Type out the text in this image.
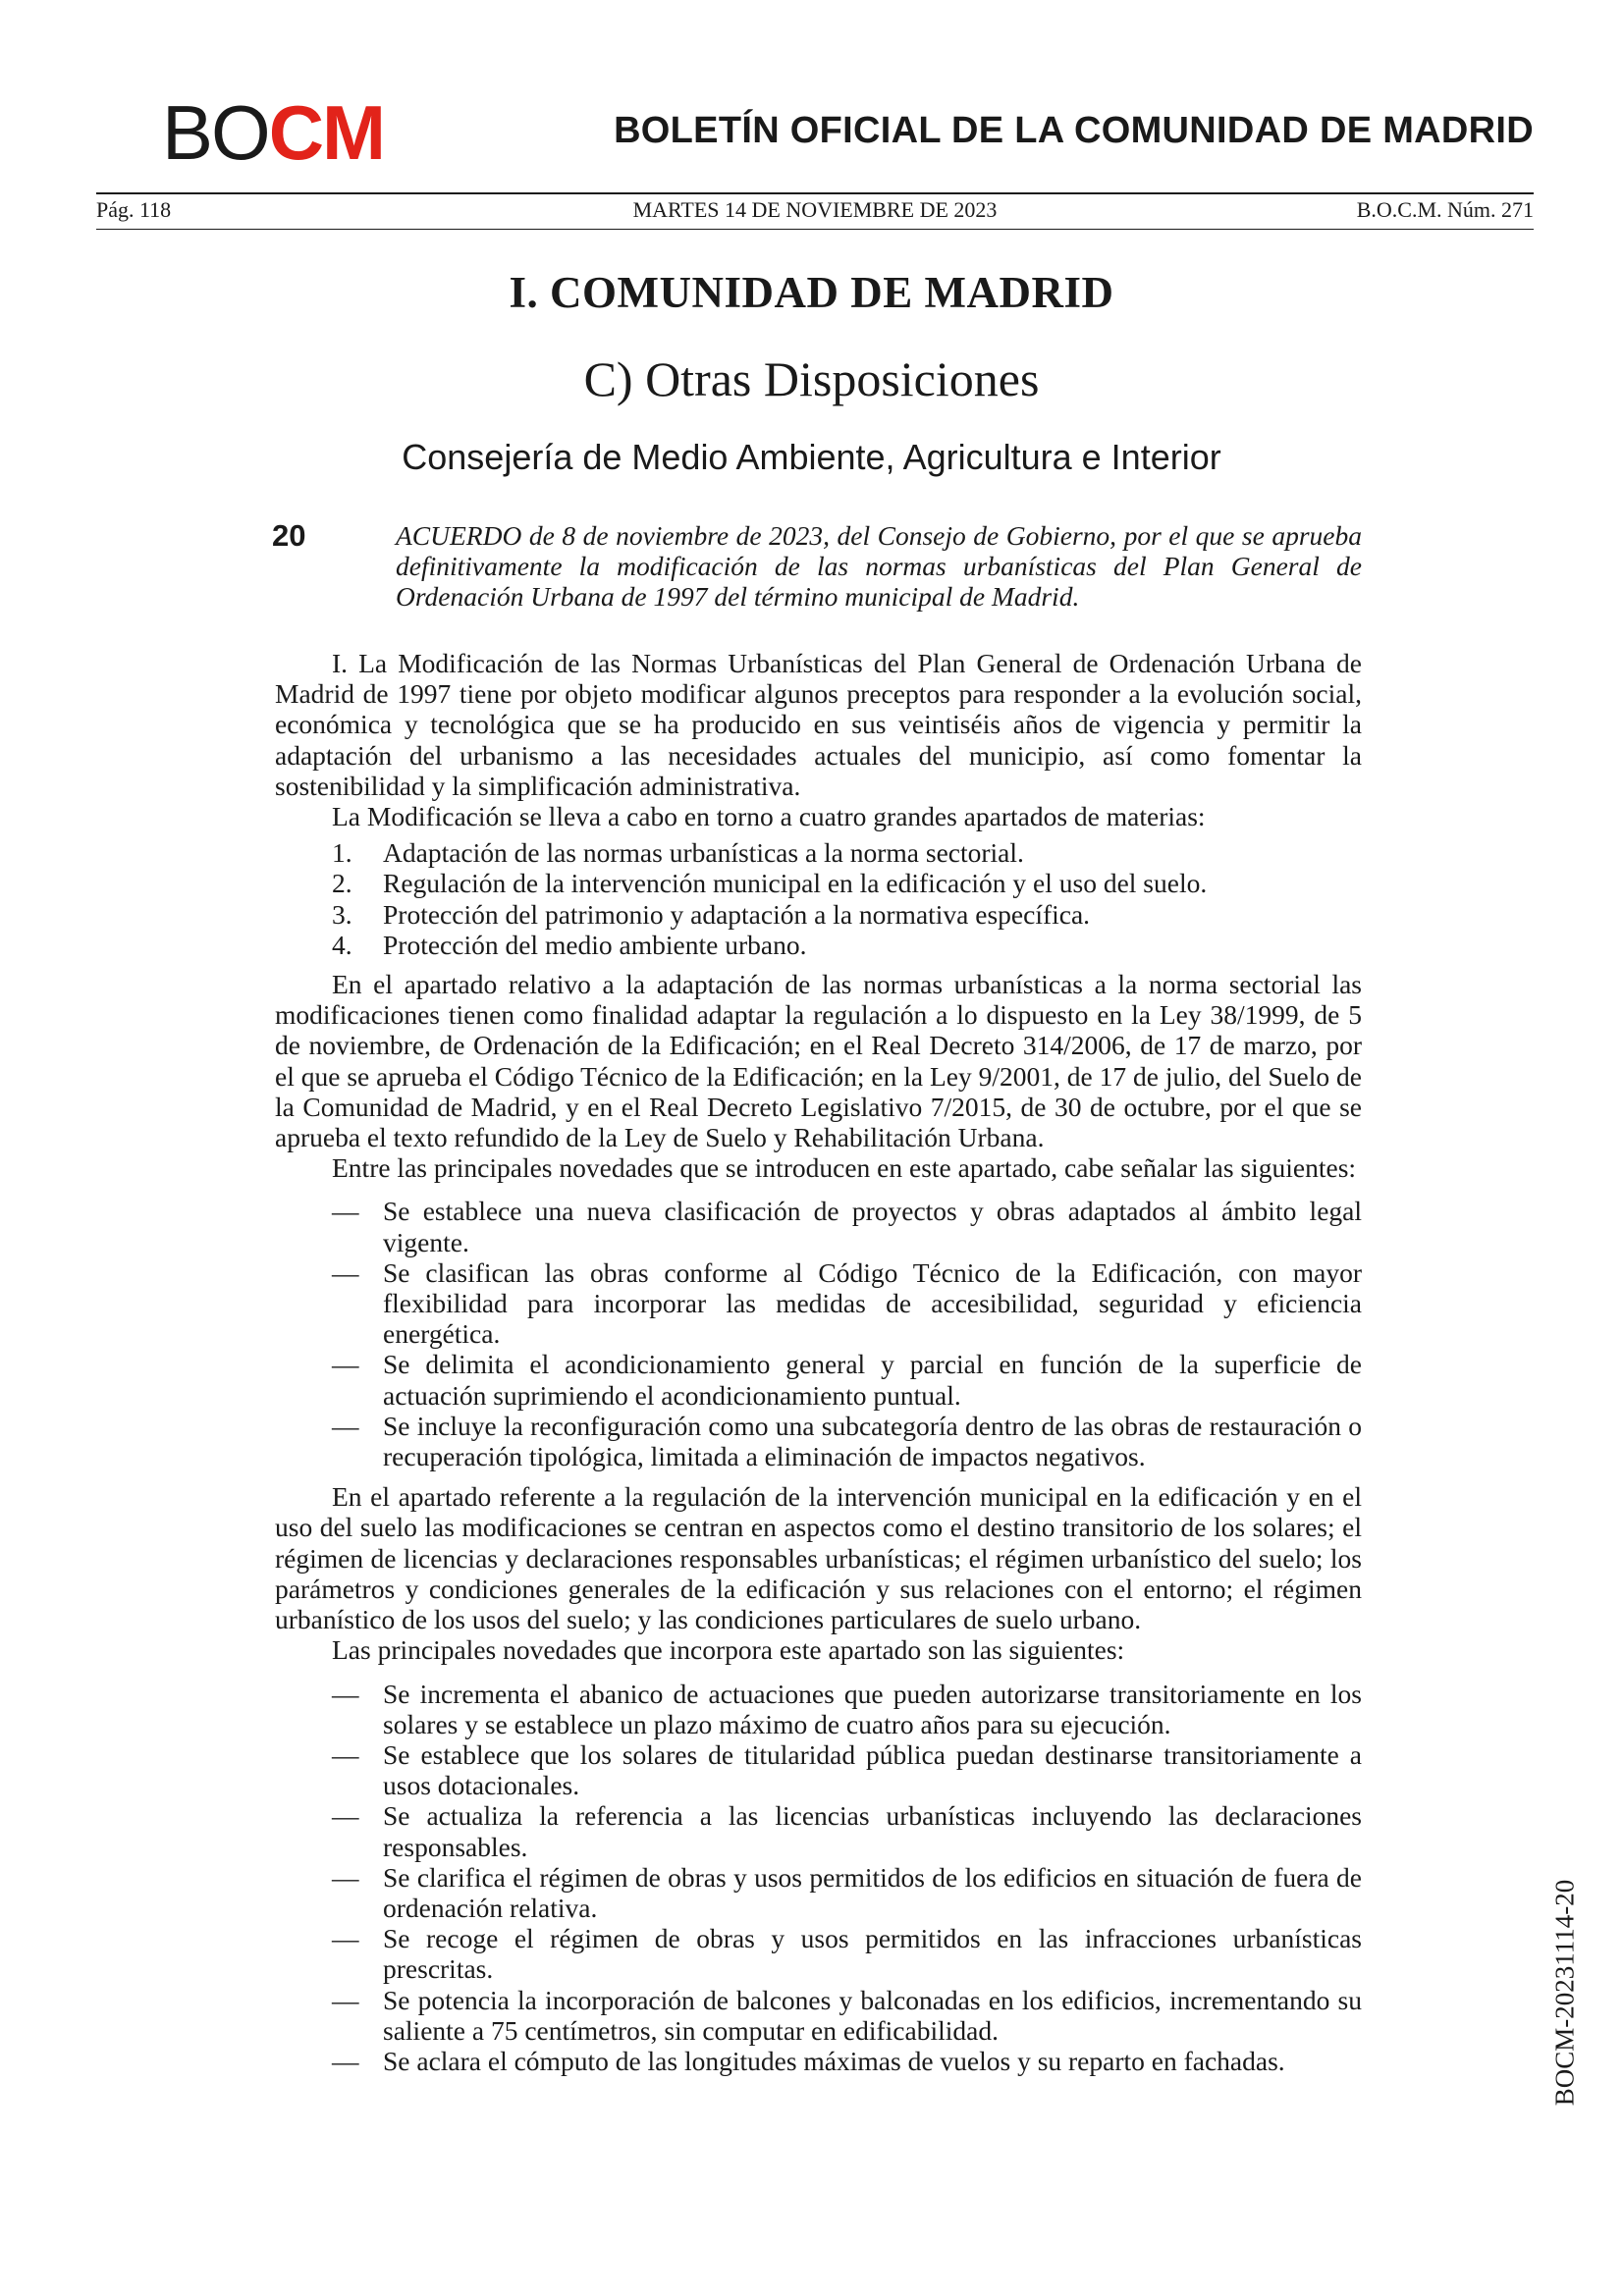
BOCM	BOLETÍN OFICIAL DE LA COMUNIDAD DE MADRID
MARTES 14 DE NOVIEMBRE DE 2023
Pág. 118	B.O.C.M. Núm. 271
I. COMUNIDAD DE MADRID
C) Otras Disposiciones
Consejería de Medio Ambiente, Agricultura e Interior
20	ACUERDO de 8 de noviembre de 2023, del Consejo de Gobierno, por el que se aprueba definitivamente la modificación de las normas urbanísticas del Plan General de Ordenación Urbana de 1997 del término municipal de Madrid.

I. La Modificación de las Normas Urbanísticas del Plan General de Ordenación Urbana de Madrid de 1997 tiene por objeto modificar algunos preceptos para responder a la evolución social, económica y tecnológica que se ha producido en sus veintiséis años de vigencia y permitir la adaptación del urbanismo a las necesidades actuales del municipio, así como fomentar la sostenibilidad y la simplificación administrativa.

La Modificación se lleva a cabo en torno a cuatro grandes apartados de materias:

1. Adaptación de las normas urbanísticas a la norma sectorial.
2. Regulación de la intervención municipal en la edificación y el uso del suelo.
3. Protección del patrimonio y adaptación a la normativa específica.
4. Protección del medio ambiente urbano.

En el apartado relativo a la adaptación de las normas urbanísticas a la norma sectorial las modificaciones tienen como finalidad adaptar la regulación a lo dispuesto en la Ley 38/1999, de 5 de noviembre, de Ordenación de la Edificación; en el Real Decreto 314/2006, de 17 de marzo, por el que se aprueba el Código Técnico de la Edificación; en la Ley 9/2001, de 17 de julio, del Suelo de la Comunidad de Madrid, y en el Real Decreto Legislativo 7/2015, de 30 de octubre, por el que se aprueba el texto refundido de la Ley de Suelo y Rehabilitación Urbana.

Entre las principales novedades que se introducen en este apartado, cabe señalar las siguientes:

— Se establece una nueva clasificación de proyectos y obras adaptados al ámbito legal vigente.
— Se clasifican las obras conforme al Código Técnico de la Edificación, con mayor flexibilidad para incorporar las medidas de accesibilidad, seguridad y eficiencia energética.
— Se delimita el acondicionamiento general y parcial en función de la superficie de actuación suprimiendo el acondicionamiento puntual.
— Se incluye la reconfiguración como una subcategoría dentro de las obras de restauración o recuperación tipológica, limitada a eliminación de impactos negativos.

En el apartado referente a la regulación de la intervención municipal en la edificación y en el uso del suelo las modificaciones se centran en aspectos como el destino transitorio de los solares; el régimen de licencias y declaraciones responsables urbanísticas; el régimen urbanístico del suelo; los parámetros y condiciones generales de la edificación y sus relaciones con el entorno; el régimen urbanístico de los usos del suelo; y las condiciones particulares de suelo urbano.

Las principales novedades que incorpora este apartado son las siguientes:

— Se incrementa el abanico de actuaciones que pueden autorizarse transitoriamente en los solares y se establece un plazo máximo de cuatro años para su ejecución.
— Se establece que los solares de titularidad pública puedan destinarse transitoriamente a usos dotacionales.
— Se actualiza la referencia a las licencias urbanísticas incluyendo las declaraciones responsables.
— Se clarifica el régimen de obras y usos permitidos de los edificios en situación de fuera de ordenación relativa.
— Se recoge el régimen de obras y usos permitidos en las infracciones urbanísticas prescritas.
— Se potencia la incorporación de balcones y balconadas en los edificios, incrementando su saliente a 75 centímetros, sin computar en edificabilidad.
— Se aclara el cómputo de las longitudes máximas de vuelos y su reparto en fachadas.	BOCM-20231114-20
